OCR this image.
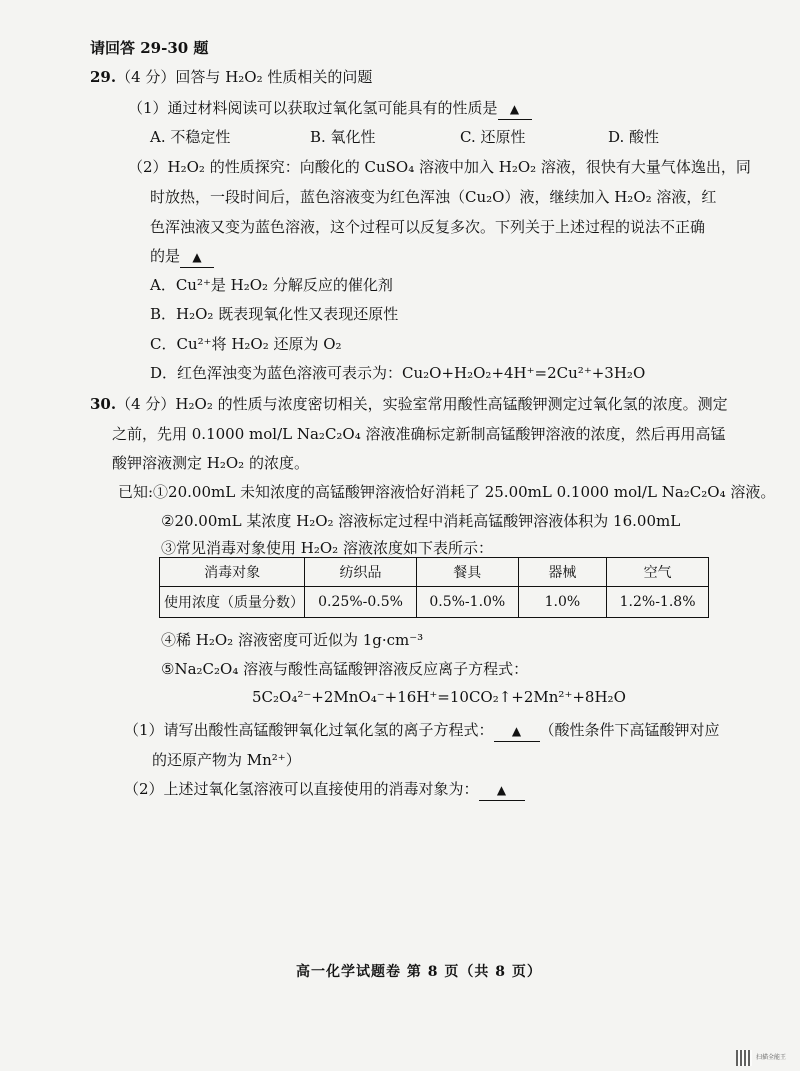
请回答 29-30 题
29.（4 分）回答与 H₂O₂ 性质相关的问题
（1）通过材料阅读可以获取过氧化氢可能具有的性质是 ▲
A. 不稳定性	B. 氧化性	C. 还原性	D. 酸性
（2）H₂O₂ 的性质探究：向酸化的 CuSO₄ 溶液中加入 H₂O₂ 溶液，很快有大量气体逸出，同
时放热，一段时间后，蓝色溶液变为红色浑浊（Cu₂O）液，继续加入 H₂O₂ 溶液，红
色浑浊液又变为蓝色溶液，这个过程可以反复多次。下列关于上述过程的说法不正确
的是 ▲
A．Cu²⁺是 H₂O₂ 分解反应的催化剂
B．H₂O₂ 既表现氧化性又表现还原性
C．Cu²⁺将 H₂O₂ 还原为 O₂
D．红色浑浊变为蓝色溶液可表示为：Cu₂O+H₂O₂+4H⁺=2Cu²⁺+3H₂O
30.（4 分）H₂O₂ 的性质与浓度密切相关，实验室常用酸性高锰酸钾测定过氧化氢的浓度。测定
之前，先用 0.1000 mol/L Na₂C₂O₄ 溶液准确标定新制高锰酸钾溶液的浓度，然后再用高锰
酸钾溶液测定 H₂O₂ 的浓度。
已知:①20.00mL 未知浓度的高锰酸钾溶液恰好消耗了 25.00mL 0.1000 mol/L Na₂C₂O₄ 溶液。
②20.00mL 某浓度 H₂O₂ 溶液标定过程中消耗高锰酸钾溶液体积为 16.00mL
③常见消毒对象使用 H₂O₂ 溶液浓度如下表所示：
消毒对象	纺织品	餐具	器械	空气
使用浓度（质量分数）	0.25%-0.5%	0.5%-1.0%	1.0%	1.2%-1.8%
④稀 H₂O₂ 溶液密度可近似为 1g·cm⁻³
⑤Na₂C₂O₄ 溶液与酸性高锰酸钾溶液反应离子方程式：
5C₂O₄²⁻+2MnO₄⁻+16H⁺=10CO₂↑+2Mn²⁺+8H₂O
（1）请写出酸性高锰酸钾氧化过氧化氢的离子方程式： ▲ （酸性条件下高锰酸钾对应
的还原产物为 Mn²⁺）
（2）上述过氧化氢溶液可以直接使用的消毒对象为： ▲
高一化学试题卷 第 8 页（共 8 页）
扫描全能王
